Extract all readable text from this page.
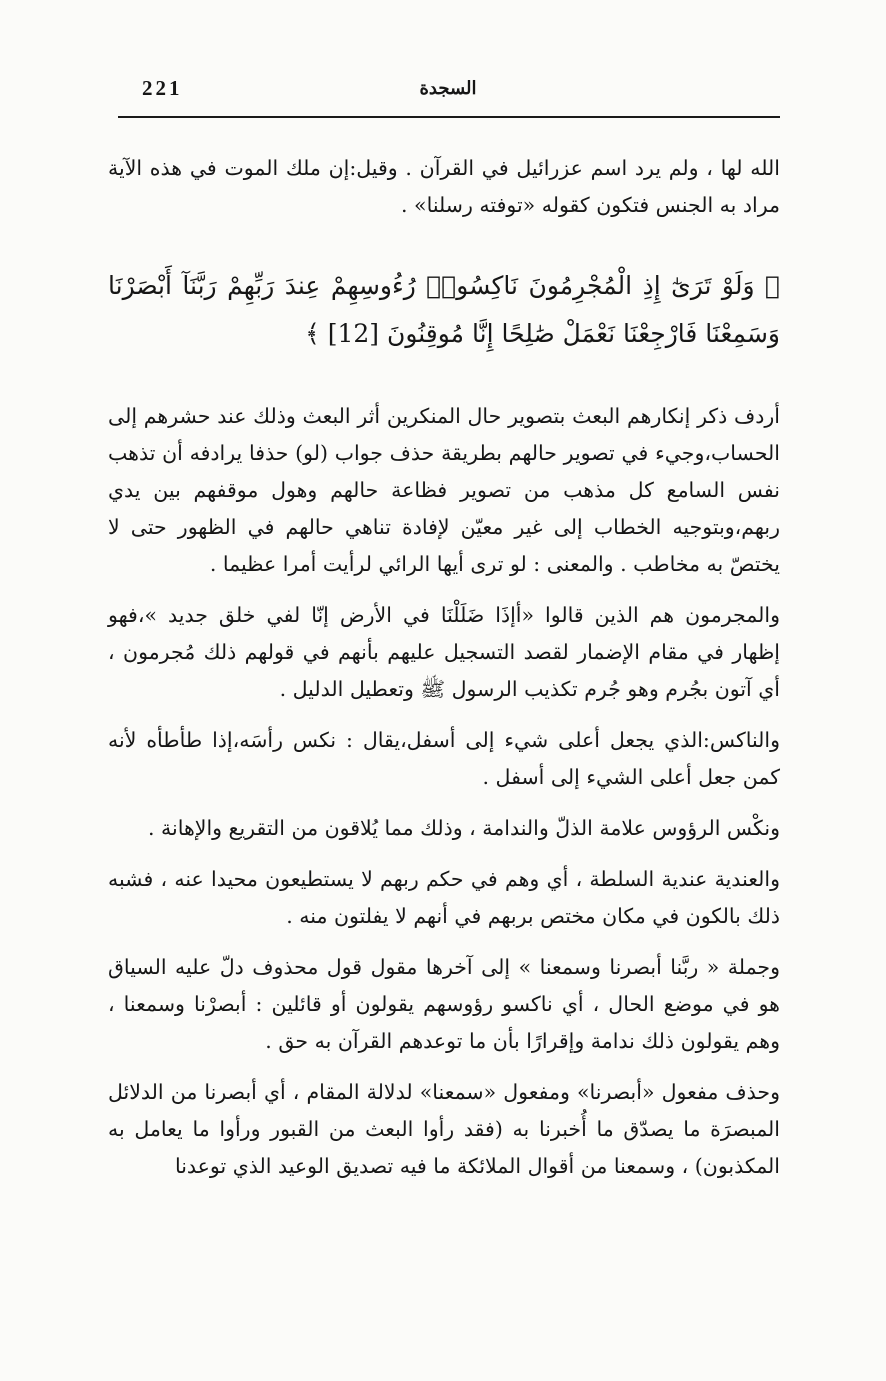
221	السجدة

الله لها ، ولم يرد اسم عزرائيل في القرآن . وقيل:إن ملك الموت في هذه الآية مراد به الجنس فتكون كقوله «توفته رسلنا» .

﴿ وَلَوْ تَرَىٰٓ إِذِ الْمُجْرِمُونَ نَاكِسُوا۟ رُءُوسِهِمْ عِندَ رَبِّهِمْ رَبَّنَآ أَبْصَرْنَا وَسَمِعْنَا فَارْجِعْنَا نَعْمَلْ صَٰلِحًا إِنَّا مُوقِنُونَ [12] ﴾

أردف ذكر إنكارهم البعث بتصوير حال المنكرين أثر البعث وذلك عند حشرهم إلى الحساب،وجيء في تصوير حالهم بطريقة حذف جواب (لو) حذفا يرادفه أن تذهب نفس السامع كل مذهب من تصوير فظاعة حالهم وهول موقفهم بين يدي ربهم،وبتوجيه الخطاب إلى غير معيّن لإفادة تناهي حالهم في الظهور حتى لا يختصّ به مخاطب . والمعنى : لو ترى أيها الرائي لرأيت أمرا عظيما .

والمجرمون هم الذين قالوا «أإذَا ضَلَلْنَا في الأرض إنّا لفي خلق جديد »،فهو إظهار في مقام الإضمار لقصد التسجيل عليهم بأنهم في قولهم ذلك مُجرمون ، أي آتون بجُرم وهو جُرم تكذيب الرسول ﷺ وتعطيل الدليل .

والناكس:الذي يجعل أعلى شيء إلى أسفل،يقال : نكس رأسَه،إذا طأطأه لأنه كمن جعل أعلى الشيء إلى أسفل .

ونكْس الرؤوس علامة الذلّ والندامة ، وذلك مما يُلاقون من التقريع والإهانة .

والعندية عندية السلطة ، أي وهم في حكم ربهم لا يستطيعون محيدا عنه ، فشبه ذلك بالكون في مكان مختص بربهم في أنهم لا يفلتون منه .

وجملة « ربَّنا أبصرنا وسمعنا » إلى آخرها مقول قول محذوف دلّ عليه السياق هو في موضع الحال ، أي ناكسو رؤوسهم يقولون أو قائلين : أبصرْنا وسمعنا ، وهم يقولون ذلك ندامة وإقرارًا بأن ما توعدهم القرآن به حق .

وحذف مفعول «أبصرنا» ومفعول «سمعنا» لدلالة المقام ، أي أبصرنا من الدلائل المبصرَة ما يصدّق ما أُخبرنا به (فقد رأوا البعث من القبور ورأوا ما يعامل به المكذبون) ، وسمعنا من أقوال الملائكة ما فيه تصديق الوعيد الذي توعدنا
